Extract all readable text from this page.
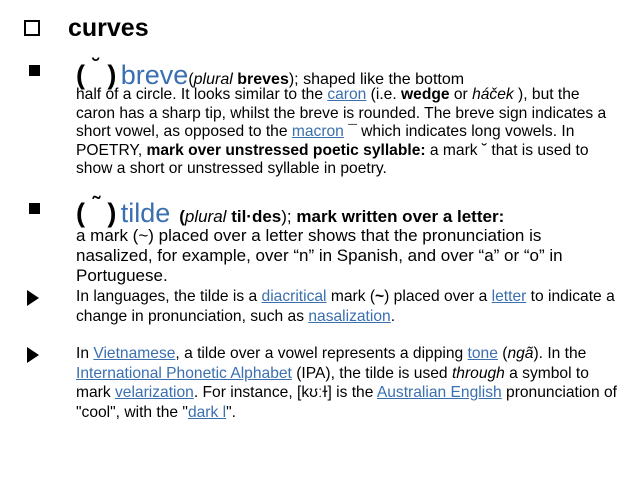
curves
( ˘ ) breve(plural breves); shaped like the bottom
half of a circle. It looks similar to the caron (i.e. wedge or háček ), but the caron has a sharp tip, whilst the breve is rounded. The breve sign indicates a short vowel, as opposed to the macron ¯ which indicates long vowels. In POETRY, mark over unstressed poetic syllable: a mark ˘ that is used to show a short or unstressed syllable in poetry.
( ˜ ) tilde (plural til·des); mark written over a letter:
a mark (~) placed over a letter shows that the pronunciation is nasalized, for example, over “n” in Spanish, and over “a” or “o” in Portuguese.
In languages, the tilde is a diacritical mark (~) placed over a letter to indicate a change in pronunciation, such as nasalization.
In Vietnamese, a tilde over a vowel represents a dipping tone (ngã). In the International Phonetic Alphabet (IPA), the tilde is used through a symbol to mark velarization. For instance, [kʊːɫ] is the Australian English pronunciation of "cool", with the "dark l".
